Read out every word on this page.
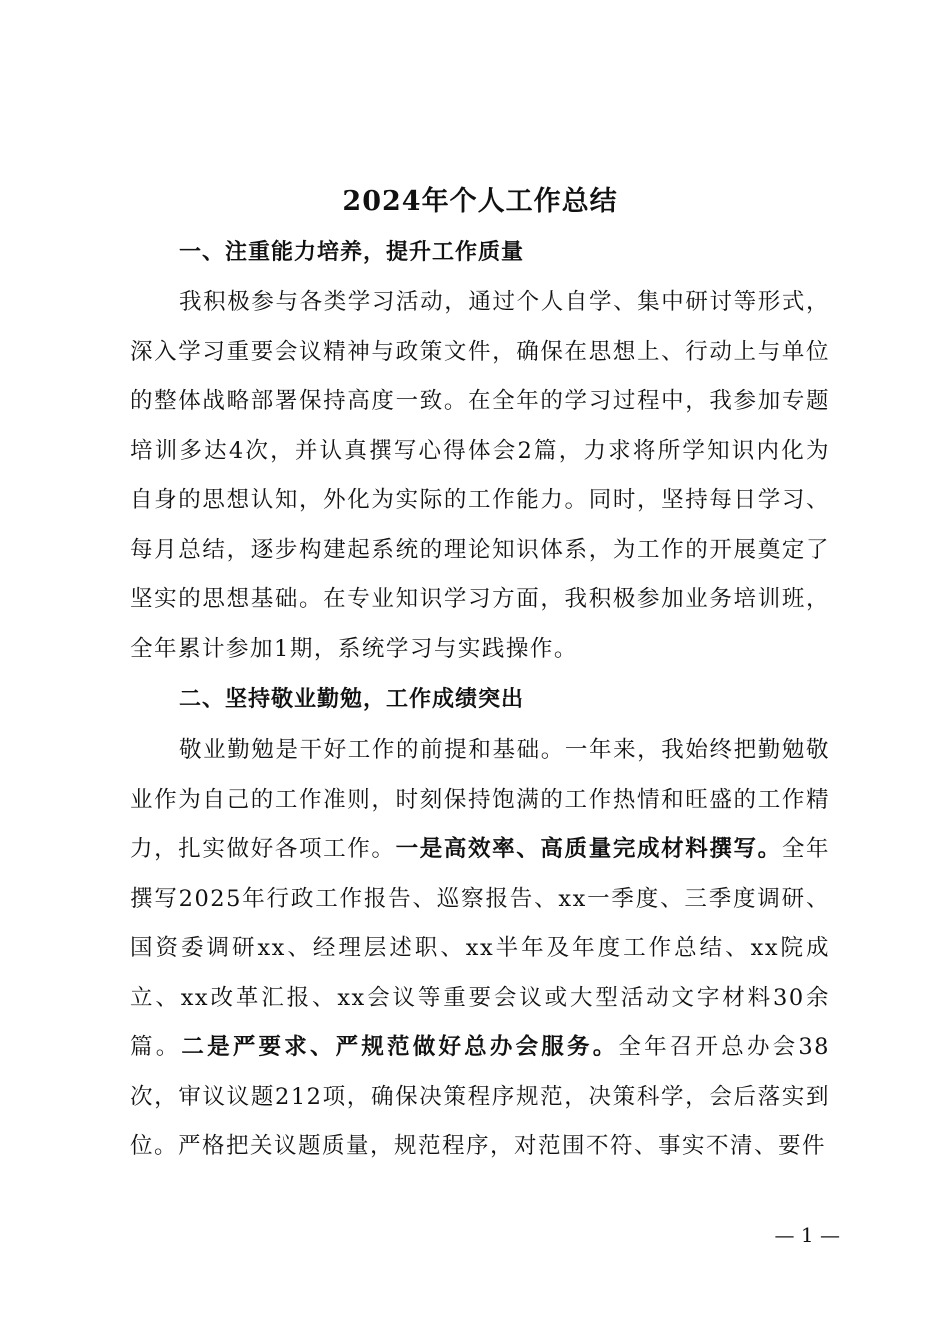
2024年个人工作总结
一、注重能力培养，提升工作质量

我积极参与各类学习活动，通过个人自学、集中研讨等形式，深入学习重要会议精神与政策文件，确保在思想上、行动上与单位的整体战略部署保持高度一致。在全年的学习过程中，我参加专题培训多达4次，并认真撰写心得体会2篇，力求将所学知识内化为自身的思想认知，外化为实际的工作能力。同时，坚持每日学习、每月总结，逐步构建起系统的理论知识体系，为工作的开展奠定了坚实的思想基础。在专业知识学习方面，我积极参加业务培训班，全年累计参加1期，系统学习与实践操作。

二、坚持敬业勤勉，工作成绩突出

敬业勤勉是干好工作的前提和基础。一年来，我始终把勤勉敬业作为自己的工作准则，时刻保持饱满的工作热情和旺盛的工作精力，扎实做好各项工作。一是高效率、高质量完成材料撰写。全年撰写2025年行政工作报告、巡察报告、xx一季度、三季度调研、国资委调研xx、经理层述职、xx半年及年度工作总结、xx院成立、xx改革汇报、xx会议等重要会议或大型活动文字材料30余篇。二是严要求、严规范做好总办会服务。全年召开总办会38次，审议议题212项，确保决策程序规范，决策科学，会后落实到位。严格把关议题质量，规范程序，对范围不符、事实不清、要件

— 1 —
